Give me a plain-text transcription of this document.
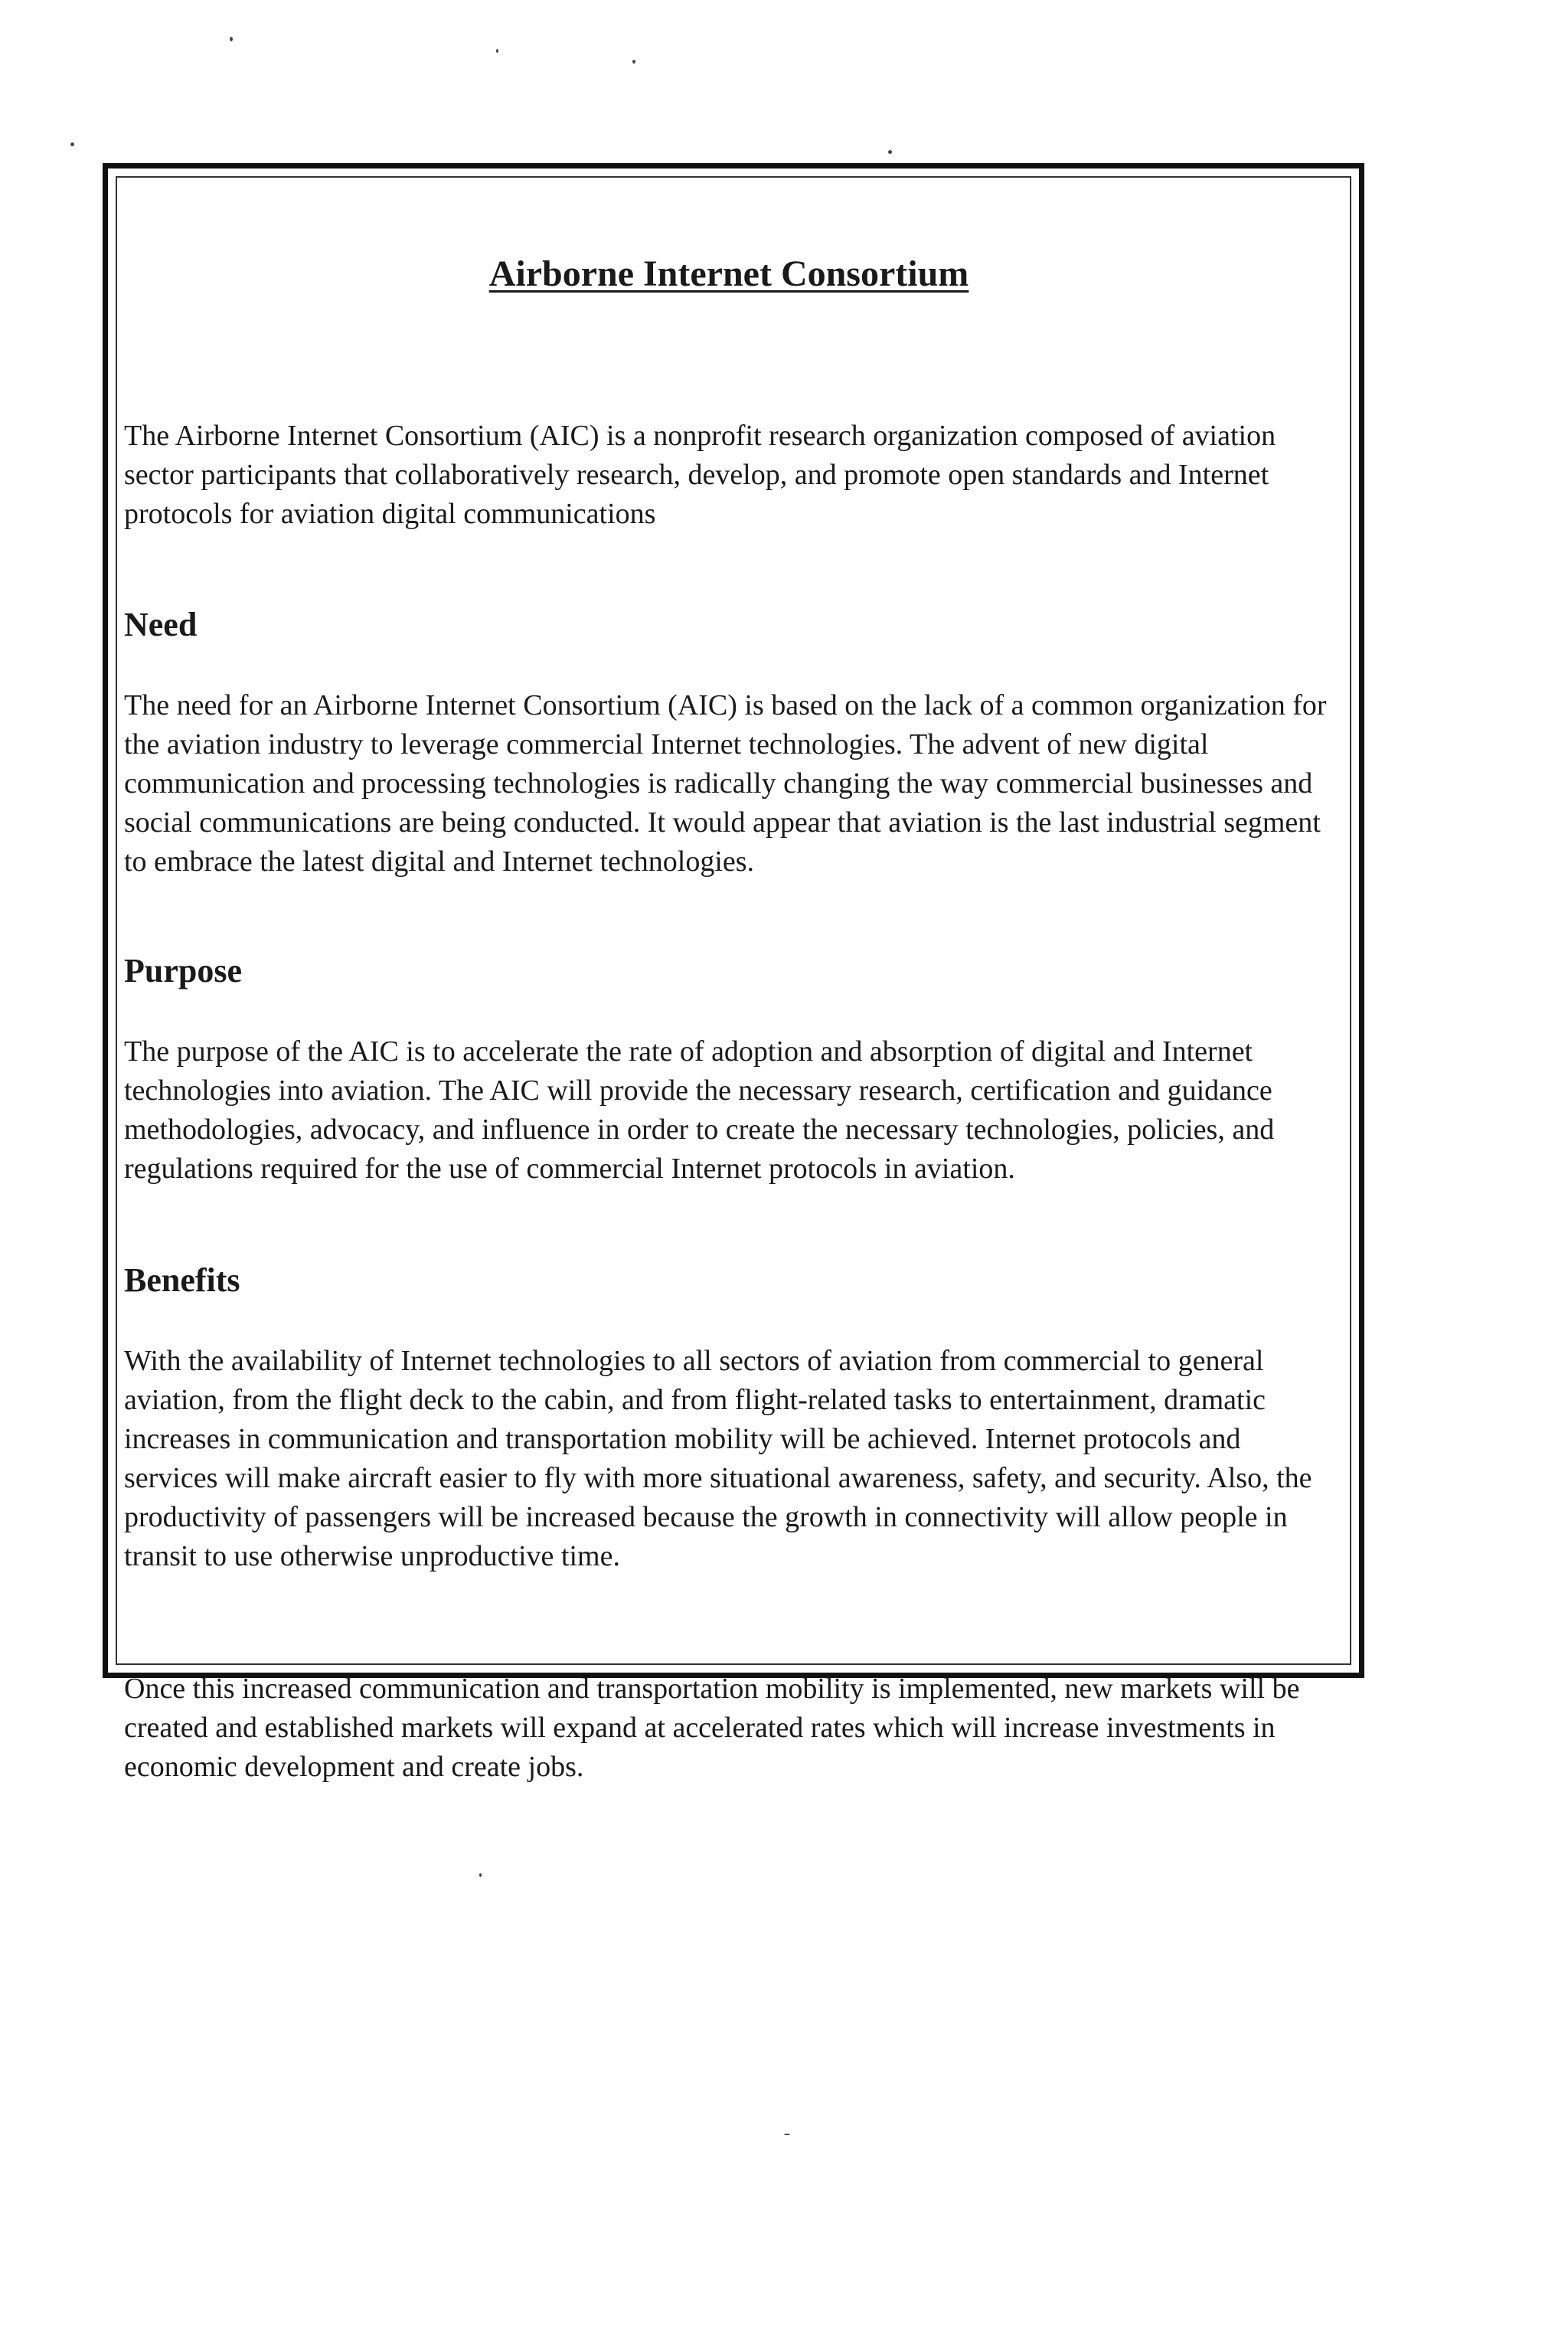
Airborne Internet Consortium

The Airborne Internet Consortium (AIC) is a nonprofit research organization composed of aviation sector participants that collaboratively research, develop, and promote open standards and Internet protocols for aviation digital communications

Need

The need for an Airborne Internet Consortium (AIC) is based on the lack of a common organization for the aviation industry to leverage commercial Internet technologies. The advent of new digital communication and processing technologies is radically changing the way commercial businesses and social communications are being conducted. It would appear that aviation is the last industrial segment to embrace the latest digital and Internet technologies.

Purpose

The purpose of the AIC is to accelerate the rate of adoption and absorption of digital and Internet technologies into aviation. The AIC will provide the necessary research, certification and guidance methodologies, advocacy, and influence in order to create the necessary technologies, policies, and regulations required for the use of commercial Internet protocols in aviation.

Benefits

With the availability of Internet technologies to all sectors of aviation from commercial to general aviation, from the flight deck to the cabin, and from flight-related tasks to entertainment, dramatic increases in communication and transportation mobility will be achieved. Internet protocols and services will make aircraft easier to fly with more situational awareness, safety, and security. Also, the productivity of passengers will be increased because the growth in connectivity will allow people in transit to use otherwise unproductive time.

Once this increased communication and transportation mobility is implemented, new markets will be created and established markets will expand at accelerated rates which will increase investments in economic development and create jobs.
